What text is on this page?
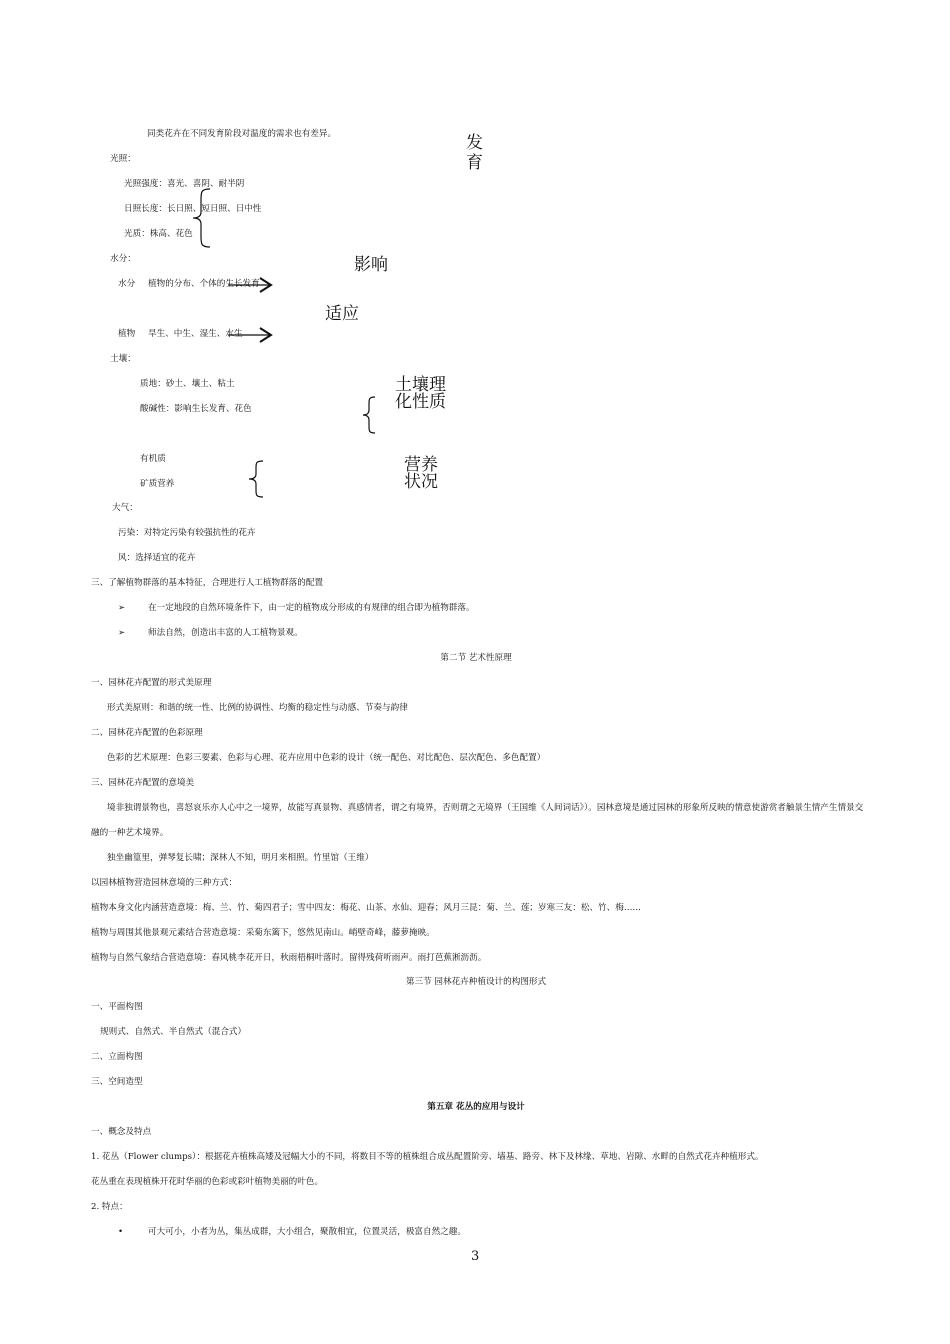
同类花卉在不同发育阶段对温度的需求也有差异。	发
育
光照：
光照强度：喜光、喜阴、耐半阴
日照长度：长日照、短日照、日中性
光质：株高、花色
水分：	影响
水分 植物的分布、个体的生长发育
适应
植物 旱生、中生、湿生、水生
土壤：
质地：砂土、壤土、粘土
酸碱性：影响生长发育、花色
土壤理
化性质
有机质
矿质营养
营养
状况
大气：
污染：对特定污染有较强抗性的花卉
风：选择适宜的花卉
三、了解植物群落的基本特征，合理进行人工植物群落的配置
➢	在一定地段的自然环境条件下，由一定的植物成分形成的有规律的组合即为植物群落。
➢	师法自然，创造出丰富的人工植物景观。
第二节 艺术性原理
一、园林花卉配置的形式美原理
形式美原则：和谐的统一性、比例的协调性、均衡的稳定性与动感、节奏与韵律
二、园林花卉配置的色彩原理
色彩的艺术原理：色彩三要素、色彩与心理、花卉应用中色彩的设计（统一配色、对比配色、层次配色、多色配置）
三、园林花卉配置的意境美
境非独谓景物也，喜怒哀乐亦人心中之一境界，故能写真景物、真感情者，谓之有境界，否则谓之无境界（王国维《人间词话》）。园林意境是通过园林的形象所反映的情意使游赏者触景生情产生情景交
融的一种艺术境界。
独坐幽篁里，弹琴复长啸；深林人不知，明月来相照。竹里馆（王维）
以园林植物营造园林意境的三种方式：
植物本身文化内涵营造意境：梅、兰、竹、菊四君子；雪中四友：梅花、山茶、水仙、迎春；风月三昆：菊、兰、莲；岁寒三友：松、竹、梅……
植物与周围其他景观元素结合营造意境：采菊东篱下，悠然见南山。峭壁奇峰，藤萝掩映。
植物与自然气象结合营造意境：春风桃李花开日，秋雨梧桐叶落时。留得残荷听雨声。雨打芭蕉淅沥沥。
第三节 园林花卉种植设计的构图形式
一、平面构图
规则式、自然式、半自然式（混合式）
二、立面构图
三、空间造型
第五章 花丛的应用与设计
一、概念及特点
1. 花丛（Flower clumps）：根据花卉植株高矮及冠幅大小的不同，将数目不等的植株组合成丛配置阶旁、墙基、路旁、林下及林缘、草地、岩隙、水畔的自然式花卉种植形式。
花丛重在表现植株开花时华丽的色彩或彩叶植物美丽的叶色。
2. 特点：
•	可大可小，小者为丛，集丛成群，大小组合，聚散相宜，位置灵活，极富自然之趣。
3
